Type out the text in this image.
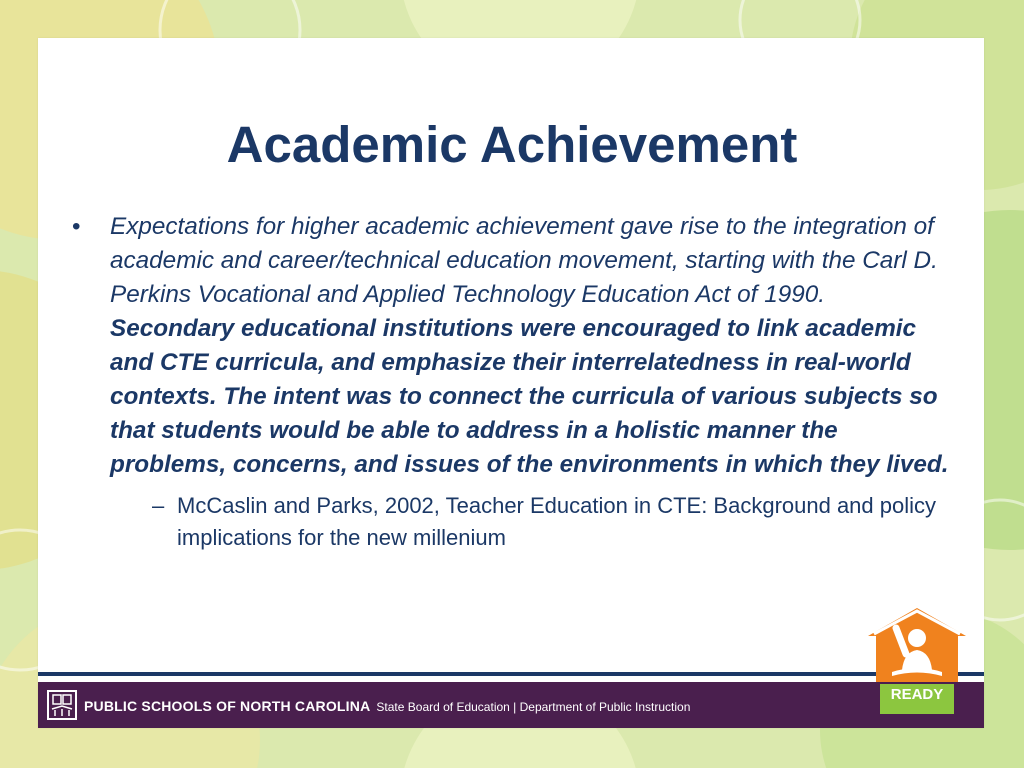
Academic Achievement
• Expectations for higher academic achievement gave rise to the integration of academic and career/technical education movement, starting with the Carl D. Perkins Vocational and Applied Technology Education Act of 1990. Secondary educational institutions were encouraged to link academic and CTE curricula, and emphasize their interrelatedness in real-world contexts. The intent was to connect the curricula of various subjects so that students would be able to address in a holistic manner the problems, concerns, and issues of the environments in which they lived.
– McCaslin and Parks, 2002, Teacher Education in CTE: Background and policy implications for the new millenium
PUBLIC SCHOOLS OF NORTH CAROLINA State Board of Education | Department of Public Instruction
READY
